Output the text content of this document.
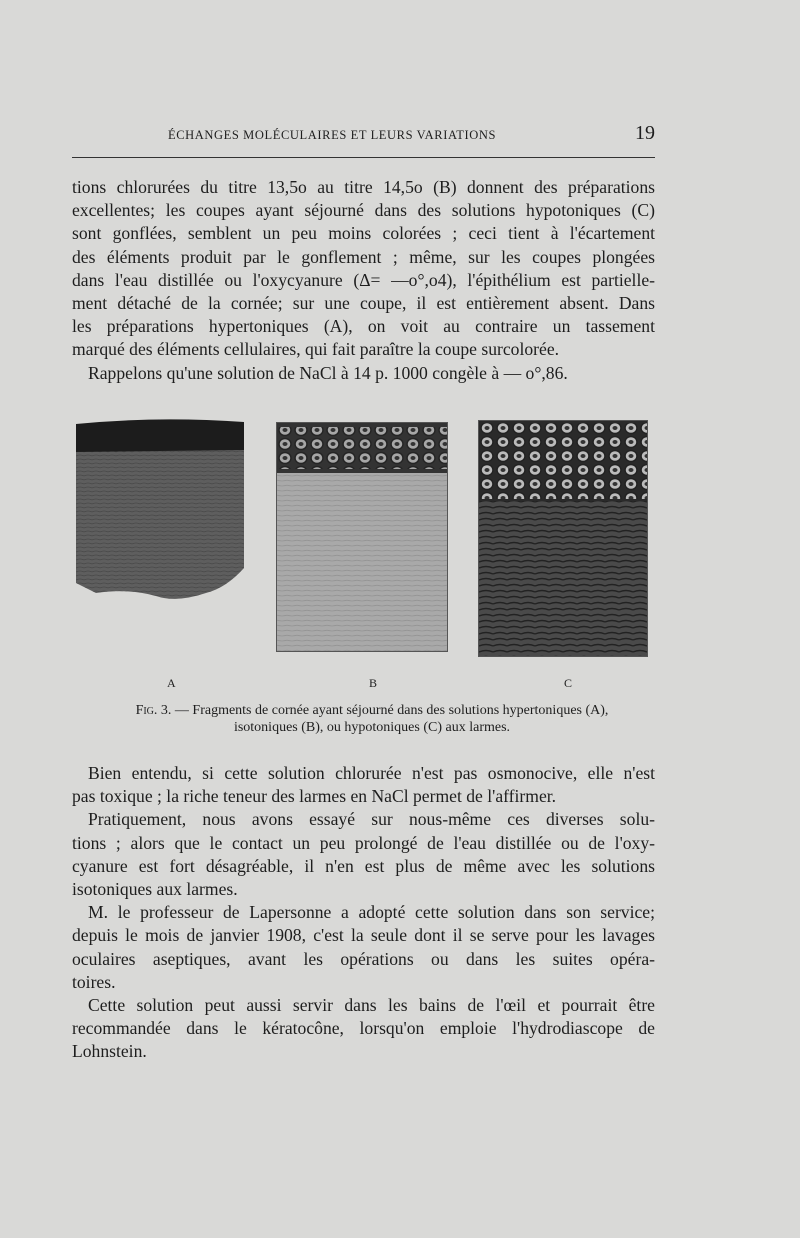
ÉCHANGES MOLÉCULAIRES ET LEURS VARIATIONS	19
tions chlorurées du titre 13,5o au titre 14,5o (B) donnent des préparations
excellentes; les coupes ayant séjourné dans des solutions hypotoniques (C)
sont gonflées, semblent un peu moins colorées ; ceci tient à l'écartement
des éléments produit par le gonflement ; même, sur les coupes plongées
dans l'eau distillée ou l'oxycyanure (Δ= —o°,o4), l'épithélium est partielle-
ment détaché de la cornée; sur une coupe, il est entièrement absent. Dans
les préparations hypertoniques (A), on voit au contraire un tassement
marqué des éléments cellulaires, qui fait paraître la coupe surcolorée.
Rappelons qu'une solution de NaCl à 14 p. 1000 congèle à — o°,86.
A	B	C
Fig. 3. — Fragments de cornée ayant séjourné dans des solutions hypertoniques (A),
isotoniques (B), ou hypotoniques (C) aux larmes.
Bien entendu, si cette solution chlorurée n'est pas osmonocive, elle n'est
pas toxique ; la riche teneur des larmes en NaCl permet de l'affirmer.
Pratiquement, nous avons essayé sur nous-même ces diverses solu-
tions ; alors que le contact un peu prolongé de l'eau distillée ou de l'oxy-
cyanure est fort désagréable, il n'en est plus de même avec les solutions
isotoniques aux larmes.
M. le professeur de Lapersonne a adopté cette solution dans son service;
depuis le mois de janvier 1908, c'est la seule dont il se serve pour les lavages
oculaires aseptiques, avant les opérations ou dans les suites opéra-
toires.
Cette solution peut aussi servir dans les bains de l'œil et pourrait être
recommandée dans le kératocône, lorsqu'on emploie l'hydrodiascope de
Lohnstein.
